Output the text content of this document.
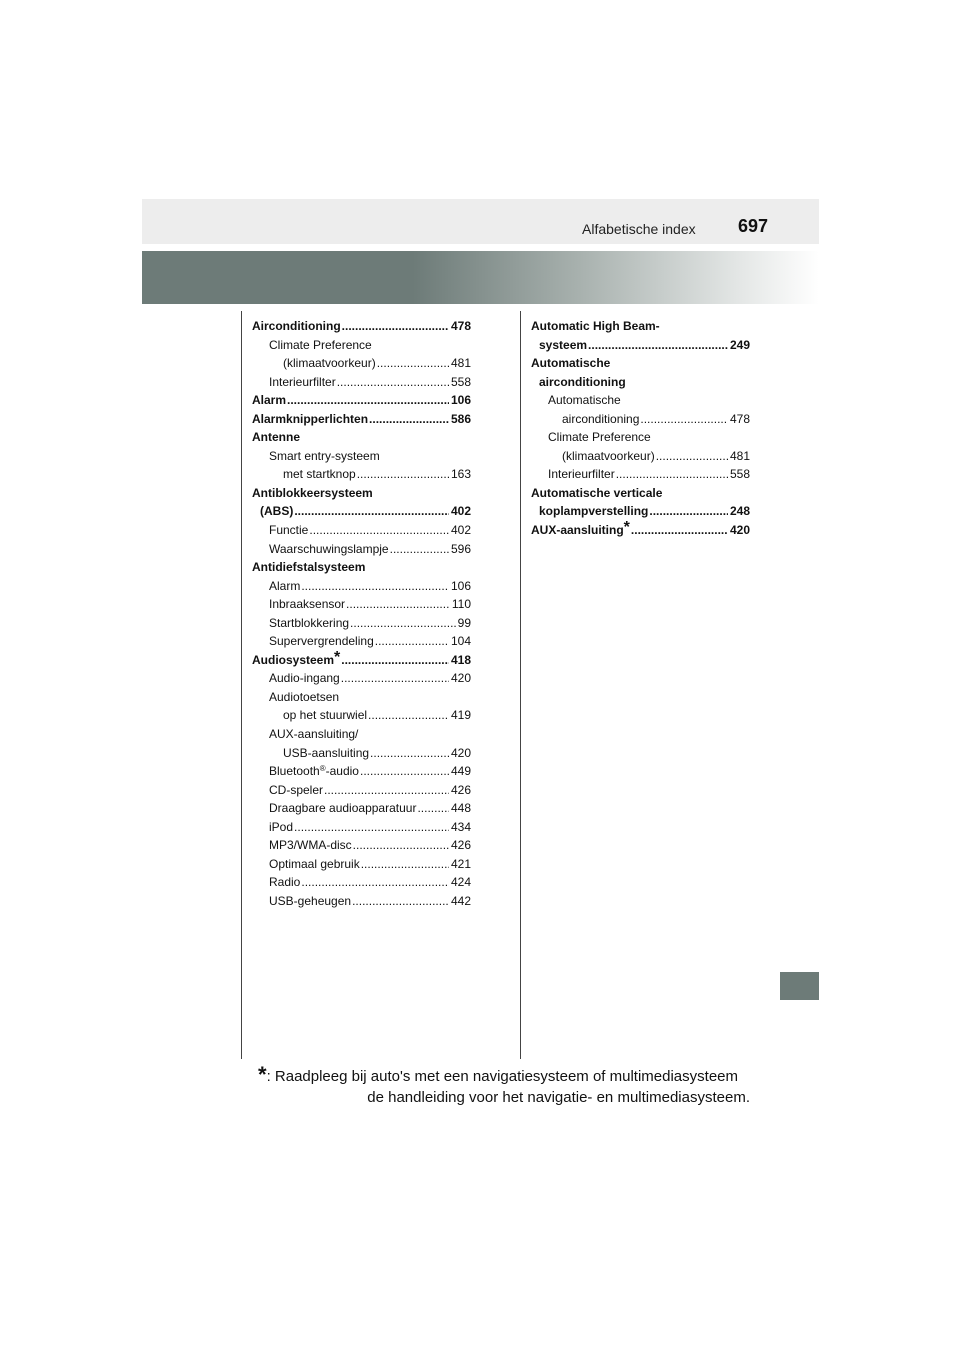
Alfabetische index 697
Airconditioning .....	478
Climate Preference
(klimaatvoorkeur) .....	481
Interieurfilter .....	558
Alarm .....	106
Alarmknipperlichten .....	586
Antenne
Smart entry-systeem
met startknop .....	163
Antiblokkeersysteem
(ABS) .....	402
Functie .....	402
Waarschuwingslampje .....	596
Antidiefstalsysteem
Alarm .....	106
Inbraaksensor .....	110
Startblokkering .....	99
Supervergrendeling .....	104
Audiosysteem* .....	418
Audio-ingang .....	420
Audiotoetsen
op het stuurwiel .....	419
AUX-aansluiting/
USB-aansluiting .....	420
Bluetooth®-audio .....	449
CD-speler .....	426
Draagbare audioapparatuur .....	448
iPod .....	434
MP3/WMA-disc .....	426
Optimaal gebruik .....	421
Radio .....	424
USB-geheugen .....	442
Automatic High Beam-
systeem .....	249
Automatische
airconditioning
Automatische
airconditioning .....	478
Climate Preference
(klimaatvoorkeur) .....	481
Interieurfilter .....	558
Automatische verticale
koplampverstelling .....	248
AUX-aansluiting* .....	420
*: Raadpleeg bij auto's met een navigatiesysteem of multimediasysteem
de handleiding voor het navigatie- en multimediasysteem.
